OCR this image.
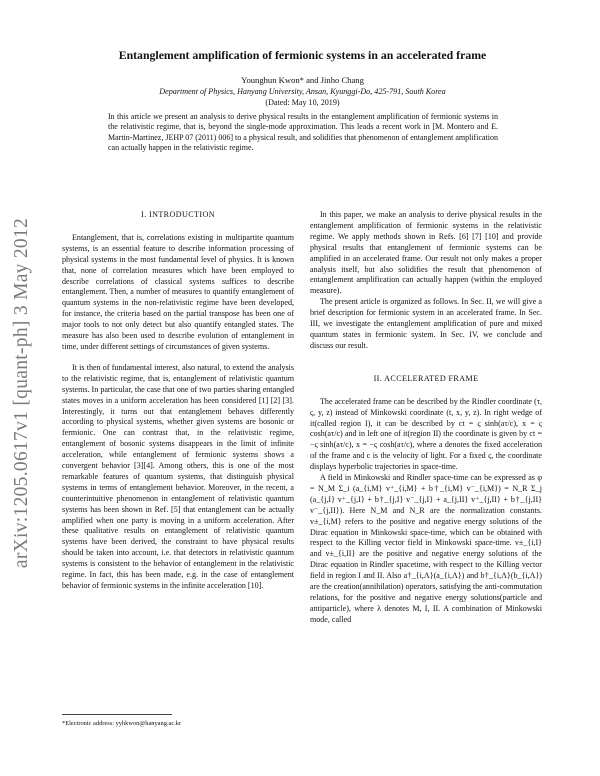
arXiv:1205.0617v1 [quant-ph] 3 May 2012
Entanglement amplification of fermionic systems in an accelerated frame
Younghun Kwon* and Jinho Chang
Department of Physics, Hanyang University, Ansan, Kyunggi-Do, 425-791, South Korea
(Dated: May 10, 2019)
In this article we present an analysis to derive physical results in the entanglement amplification of fermionic systems in the relativistic regime, that is, beyond the single-mode approximation. This leads a recent work in [M. Montero and E. Martin-Martinez, JEHP 07 (2011) 006] to a physical result, and solidifies that phenomenon of entanglement amplification can actually happen in the relativistic regime.
I. INTRODUCTION

Entanglement, that is, correlations existing in multipartite quantum systems, is an essential feature to describe information processing of physical systems in the most fundamental level of physics. It is known that, none of correlation measures which have been employed to describe correlations of classical systems suffices to describe entanglement. Then, a number of measures to quantify entanglement of quantum systems in the non-relativistic regime have been developed, for instance, the criteria based on the partial transpose has been one of major tools to not only detect but also quantify entangled states. The measure has also been used to describe evolution of entanglement in time, under different settings of circumstances of given systems.

It is then of fundamental interest, also natural, to extend the analysis to the relativistic regime, that is, entanglement of relativistic quantum systems. In particular, the case that one of two parties sharing entangled states moves in a uniform acceleration has been considered [1] [2] [3]. Interestingly, it turns out that entanglement behaves differently according to physical systems, whether given systems are bosonic or fermionic. One can contrast that, in the relativistic regime, entanglement of bosonic systems disappears in the limit of infinite acceleration, while entanglement of fermionic systems shows a convergent behavior [3][4]. Among others, this is one of the most remarkable features of quantum systems, that distinguish physical systems in terms of entanglement behavior. Moreover, in the recent, a counterintuitive phenomenon in entanglement of relativistic quantum systems has been shown in Ref. [5] that entanglement can be actually amplified when one party is moving in a uniform acceleration. After these qualitative results on entanglement of relativistic quantum systems have been derived, the constraint to have physical results should be taken into account, i.e. that detectors in relativistic quantum systems is consistent to the behavior of entanglement in the relativistic regime. In fact, this has been made, e.g. in the case of entanglement behavior of fermionic systems in the infinite acceleration [10].

In this paper, we make an analysis to derive physical results in the entanglement amplification of fermionic systems in the relativistic regime. We apply methods shown in Refs. [6] [7] [10] and provide physical results that entanglement of fermionic systems can be amplified in an accelerated frame. Our result not only makes a proper analysis itself, but also solidifies the result that phenomenon of entanglement amplification can actually happen (within the employed measure).

The present article is organized as follows. In Sec. II, we will give a brief description for fermionic system in an accelerated frame. In Sec. III, we investigate the entanglement amplification of pure and mixed quantum states in fermionic system. In Sec. IV, we conclude and discuss our result.

II. ACCELERATED FRAME

The accelerated frame can be described by the Rindler coordinate (τ, ς, y, z) instead of Minkowski coordinate (t, x, y, z). In right wedge of it(called region I), it can be described by ct = ς sinh(aτ/c), x = ς cosh(aτ/c) and in left one of it(region II) the coordinate is given by ct = −ς sinh(aτ/c), x = −ς cosh(aτ/c), where a denotes the fixed acceleration of the frame and c is the velocity of light. For a fixed ς, the coordinate displays hyperbolic trajectories in space-time.

A field in Minkowski and Rindler space-time can be expressed as φ = N_M Σ_i (a_{i,M} v⁺_{i,M} + b†_{i,M} v⁻_{i,M}) = N_R Σ_j (a_{j,I} v⁺_{j,I} + b†_{j,I} v⁻_{j,I} + a_{j,II} v⁺_{j,II} + b†_{j,II} v⁻_{j,II}). Here N_M and N_R are the normalization constants. v±_{i,M} refers to the positive and negative energy solutions of the Dirac equation in Minkowski space-time, which can be obtained with respect to the Killing vector field in Minkowski space-time. v±_{i,I} and v±_{i,II} are the positive and negative energy solutions of the Dirac equation in Rindler spacetime, with respect to the Killing vector field in region I and II. Also a†_{i,Λ}(a_{i,Λ}) and b†_{i,Λ}(b_{i,Λ}) are the creation(annihilation) operators, satisfying the anti-commutation relations, for the positive and negative energy solutions(particle and antiparticle), where λ denotes M, I, II. A combination of Minkowski mode, called

*Electronic address: yyhkwon@hanyang.ac.kr
